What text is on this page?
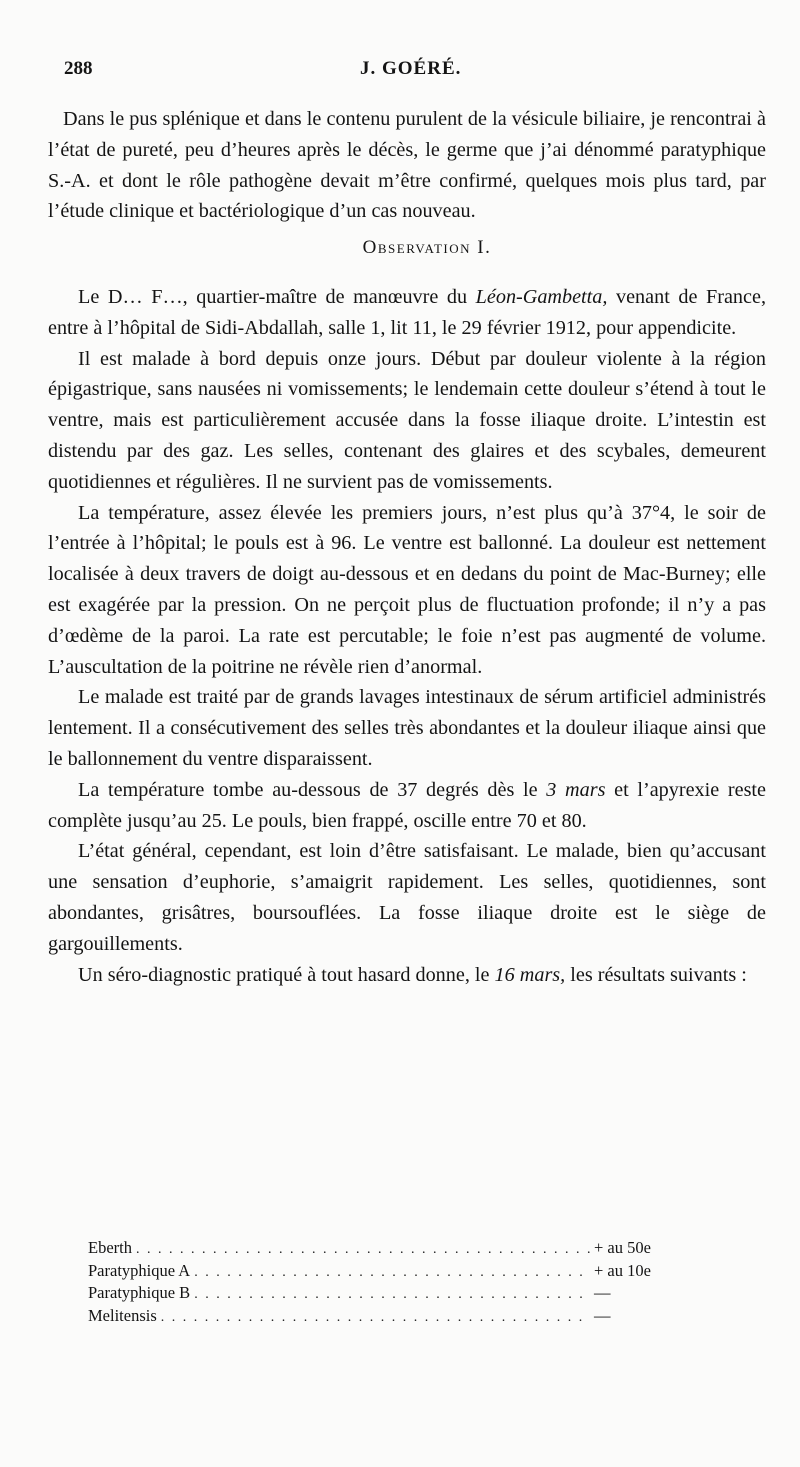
288	J. GOÉRÉ.

Dans le pus splénique et dans le contenu purulent de la vésicule biliaire, je rencontrai à l’état de pureté, peu d’heures après le décès, le germe que j’ai dénommé paratyphique S.-A. et dont le rôle pathogène devait m’être confirmé, quelques mois plus tard, par l’étude clinique et bactériologique d’un cas nouveau.

Observation I.

Le D… F…, quartier-maître de manœuvre du Léon-Gambetta, venant de France, entre à l’hôpital de Sidi-Abdallah, salle 1, lit 11, le 29 février 1912, pour appendicite.

Il est malade à bord depuis onze jours. Début par douleur violente à la région épigastrique, sans nausées ni vomissements; le lendemain cette douleur s’étend à tout le ventre, mais est particulièrement accusée dans la fosse iliaque droite. L’intestin est distendu par des gaz. Les selles, contenant des glaires et des scybales, demeurent quotidiennes et régulières. Il ne survient pas de vomissements.

La température, assez élevée les premiers jours, n’est plus qu’à 37°4, le soir de l’entrée à l’hôpital; le pouls est à 96. Le ventre est ballonné. La douleur est nettement localisée à deux travers de doigt au-dessous et en dedans du point de Mac-Burney; elle est exagérée par la pression. On ne perçoit plus de fluctuation profonde; il n’y a pas d’œdème de la paroi. La rate est percutable; le foie n’est pas augmenté de volume. L’auscultation de la poitrine ne révèle rien d’anormal.

Le malade est traité par de grands lavages intestinaux de sérum artificiel administrés lentement. Il a consécutivement des selles très abondantes et la douleur iliaque ainsi que le ballonnement du ventre disparaissent.

La température tombe au-dessous de 37 degrés dès le 3 mars et l’apyrexie reste complète jusqu’au 25. Le pouls, bien frappé, oscille entre 70 et 80.

L’état général, cependant, est loin d’être satisfaisant. Le malade, bien qu’accusant une sensation d’euphorie, s’amaigrit rapidement. Les selles, quotidiennes, sont abondantes, grisâtres, boursouflées. La fosse iliaque droite est le siège de gargouillements.

Un séro-diagnostic pratiqué à tout hasard donne, le 16 mars, les résultats suivants :

Eberth . . .	+ au 50e
Paratyphique A . . .	+ au 10e
Paratyphique B . . .	—
Melitensis . . .	—
